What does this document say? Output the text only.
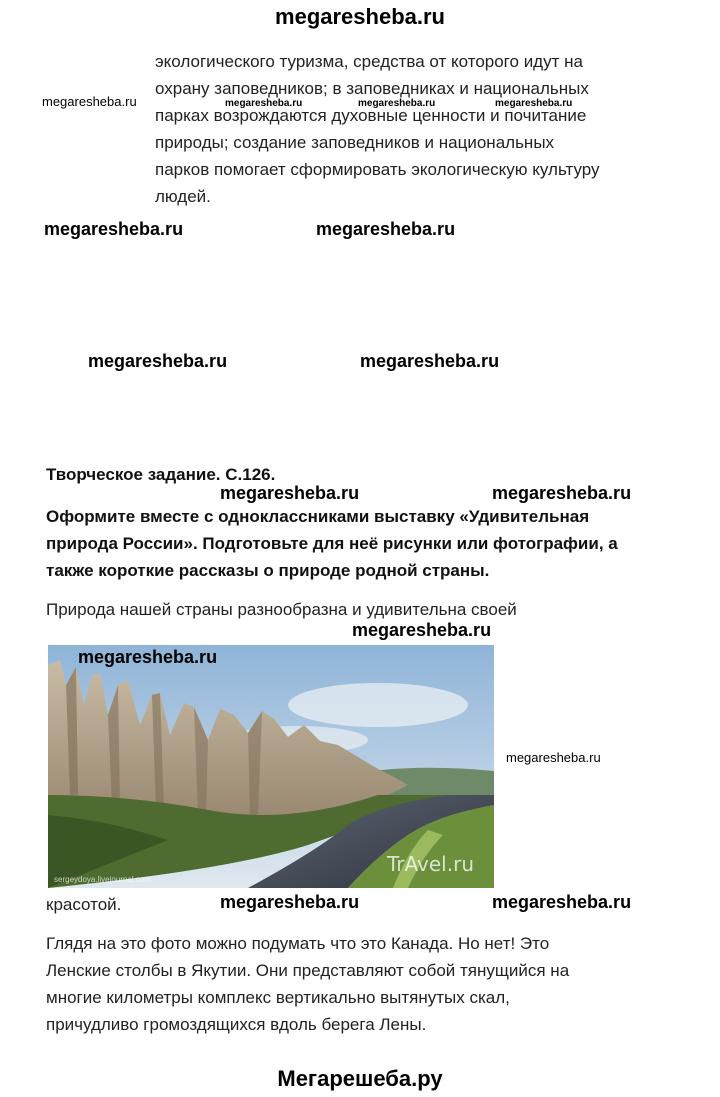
megaresheba.ru
экологического туризма, средства от которого идут на
охрану заповедников; в заповедниках и национальных
парках возрождаются духовные ценности и почитание
природы; создание заповедников и национальных
парков помогает сформировать экологическую культуру
людей.
megaresheba.ru	megaresheba.ru	megaresheba.ru	megaresheba.ru
megaresheba.ru	megaresheba.ru
megaresheba.ru	megaresheba.ru
Творческое задание. С.126.
megaresheba.ru	megaresheba.ru
Оформите вместе с одноклассниками выставку «Удивительная
природа России». Подготовьте для неё рисунки или фотографии, а
также короткие рассказы о природе родной страны.
Природа нашей страны разнообразна и удивительна своей
megaresheba.ru
megaresheba.ru
TrAvel.ru
sergeydoya.livejournal.com
megaresheba.ru
красотой.	megaresheba.ru	megaresheba.ru
Глядя на это фото можно подумать что это Канада. Но нет! Это
Ленские столбы в Якутии. Они представляют собой тянущийся на
многие километры комплекс вертикально вытянутых скал,
причудливо громоздящихся вдоль берега Лены.
Мегарешеба.ру
